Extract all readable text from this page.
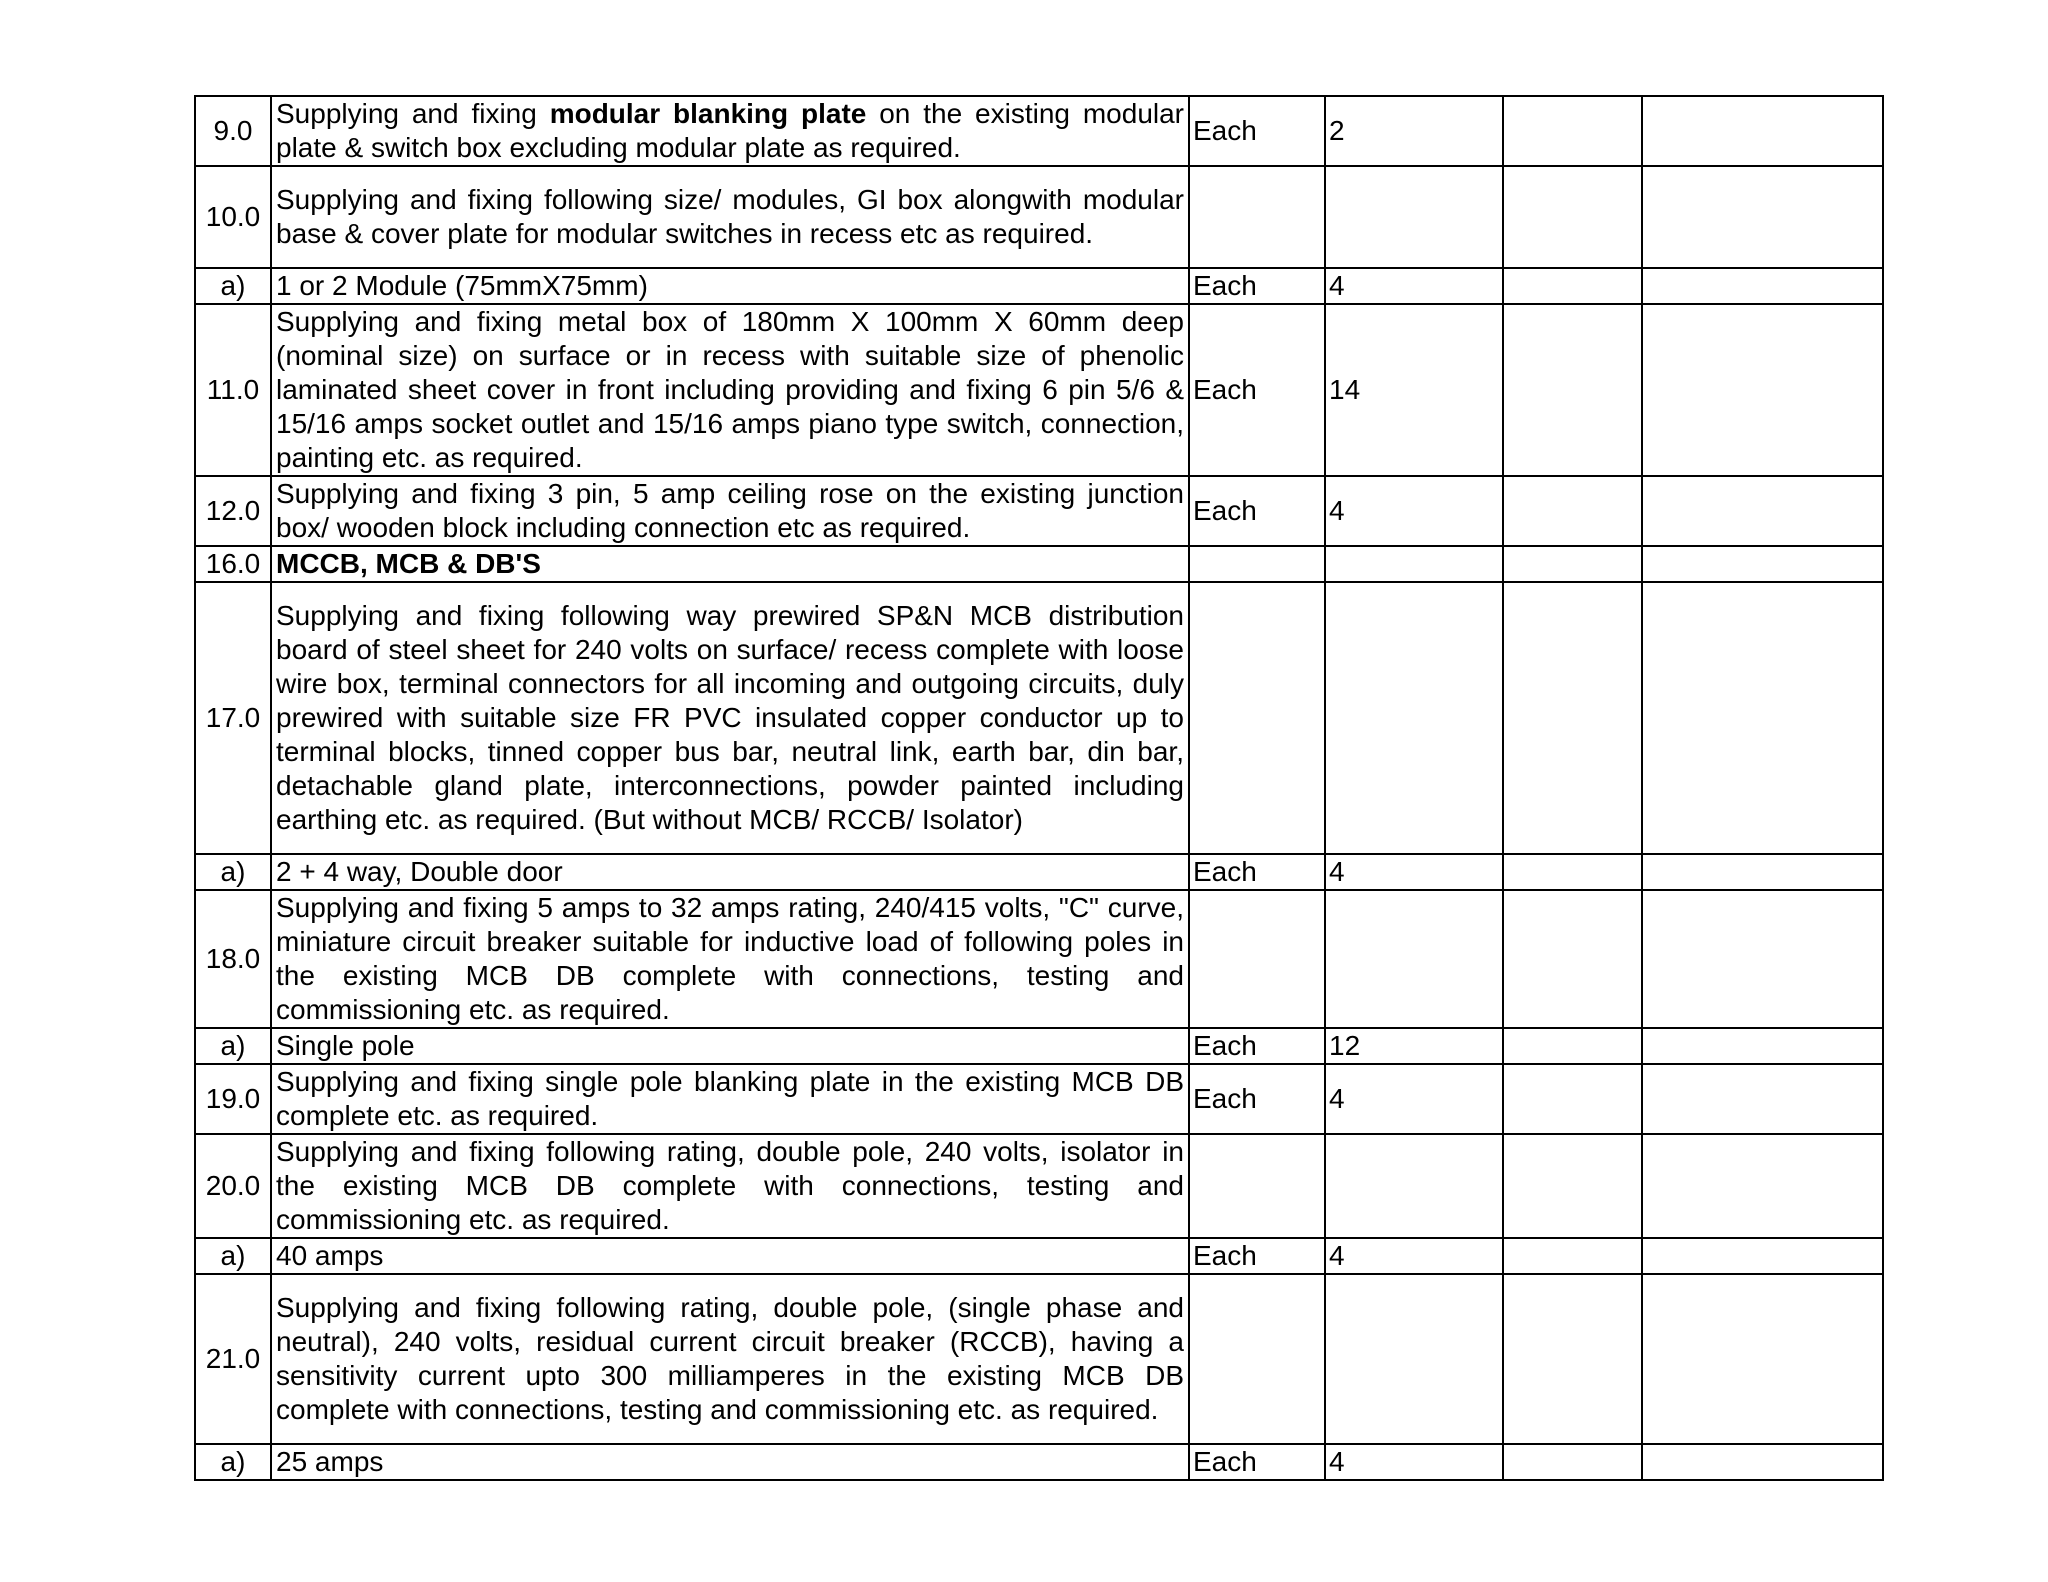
9.0	Supplying and fixing modular blanking plate on the existing modular plate & switch box excluding modular plate as required.	Each	2		
10.0	Supplying and fixing following size/ modules, GI box alongwith modular base & cover plate for modular switches in recess etc as required.				
a)	1 or 2 Module (75mmX75mm)	Each	4		
11.0	Supplying and fixing metal box of 180mm X 100mm X 60mm deep (nominal size) on surface or in recess with suitable size of phenolic laminated sheet cover in front including providing and fixing 6 pin 5/6 & 15/16 amps socket outlet and 15/16 amps piano type switch, connection, painting etc. as required.	Each	14		
12.0	Supplying and fixing 3 pin, 5 amp ceiling rose on the existing junction box/ wooden block including connection etc as required.	Each	4		
16.0	MCCB, MCB & DB'S				
17.0	Supplying and fixing following way prewired SP&N MCB distribution board of steel sheet for 240 volts on surface/ recess complete with loose wire box, terminal connectors for all incoming and outgoing circuits, duly prewired with suitable size FR PVC insulated copper conductor up to terminal blocks, tinned copper bus bar, neutral link, earth bar, din bar, detachable gland plate, interconnections, powder painted including earthing etc. as required. (But without MCB/ RCCB/ Isolator)				
a)	2 + 4 way, Double door	Each	4		
18.0	Supplying and fixing 5 amps to 32 amps rating, 240/415 volts, "C" curve, miniature circuit breaker suitable for inductive load of following poles in the existing MCB DB complete with connections, testing and commissioning etc. as required.				
a)	Single pole	Each	12		
19.0	Supplying and fixing single pole blanking plate in the existing MCB DB complete etc. as required.	Each	4		
20.0	Supplying and fixing following rating, double pole, 240 volts, isolator in the existing MCB DB complete with connections, testing and commissioning etc. as required.				
a)	40 amps	Each	4		
21.0	Supplying and fixing following rating, double pole, (single phase and neutral), 240 volts, residual current circuit breaker (RCCB), having a sensitivity current upto 300 milliamperes in the existing MCB DB complete with connections, testing and commissioning etc. as required.				
a)	25 amps	Each	4		
